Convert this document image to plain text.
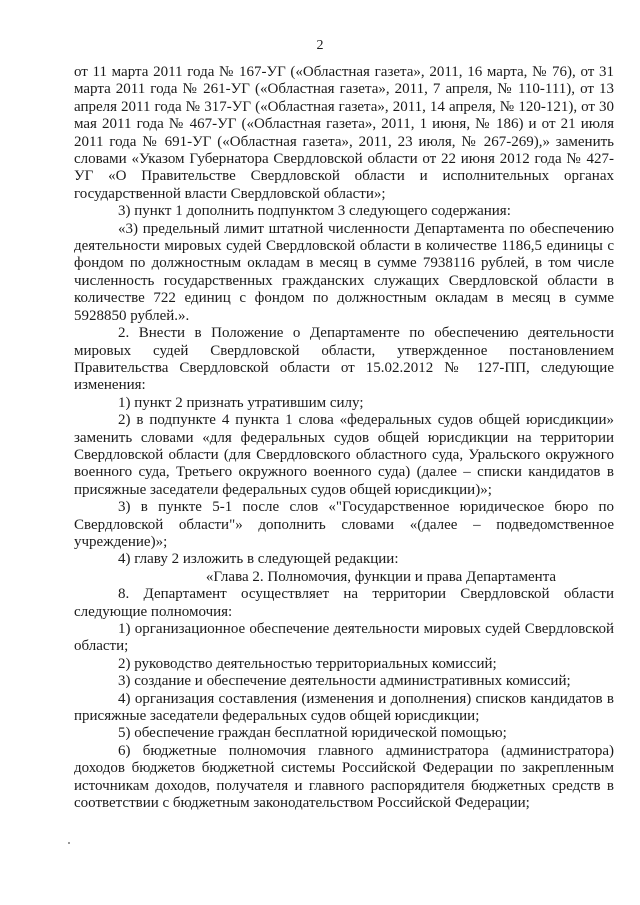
2

от 11 марта 2011 года № 167-УГ («Областная газета», 2011, 16 марта, № 76), от 31 марта 2011 года № 261-УГ («Областная газета», 2011, 7 апреля, № 110-111), от 13 апреля 2011 года № 317-УГ («Областная газета», 2011, 14 апреля, № 120-121), от 30 мая 2011 года № 467-УГ («Областная газета», 2011, 1 июня, № 186) и от 21 июля 2011 года № 691-УГ («Областная газета», 2011, 23 июля, № 267-269),» заменить словами «Указом Губернатора Свердловской области от 22 июня 2012 года № 427-УГ «О Правительстве Свердловской области и исполнительных органах государственной власти Свердловской области»;

3) пункт 1 дополнить подпунктом 3 следующего содержания:

«3) предельный лимит штатной численности Департамента по обеспечению деятельности мировых судей Свердловской области в количестве 1186,5 единицы с фондом по должностным окладам в месяц в сумме 7938116 рублей, в том числе численность государственных гражданских служащих Свердловской области в количестве 722 единиц с фондом по должностным окладам в месяц в сумме 5928850 рублей.».

2. Внести в Положение о Департаменте по обеспечению деятельности мировых судей Свердловской области, утвержденное постановлением Правительства Свердловской области от 15.02.2012 № 127-ПП, следующие изменения:

1) пункт 2 признать утратившим силу;

2) в подпункте 4 пункта 1 слова «федеральных судов общей юрисдикции» заменить словами «для федеральных судов общей юрисдикции на территории Свердловской области (для Свердловского областного суда, Уральского окружного военного суда, Третьего окружного военного суда) (далее – списки кандидатов в присяжные заседатели федеральных судов общей юрисдикции)»;

3) в пункте 5-1 после слов «"Государственное юридическое бюро по Свердловской области"» дополнить словами «(далее – подведомственное учреждение)»;

4) главу 2 изложить в следующей редакции:

«Глава 2. Полномочия, функции и права Департамента

8. Департамент осуществляет на территории Свердловской области следующие полномочия:

1) организационное обеспечение деятельности мировых судей Свердловской области;

2) руководство деятельностью территориальных комиссий;

3) создание и обеспечение деятельности административных комиссий;

4) организация составления (изменения и дополнения) списков кандидатов в присяжные заседатели федеральных судов общей юрисдикции;

5) обеспечение граждан бесплатной юридической помощью;

6) бюджетные полномочия главного администратора (администратора) доходов бюджетов бюджетной системы Российской Федерации по закрепленным источникам доходов, получателя и главного распорядителя бюджетных средств в соответствии с бюджетным законодательством Российской Федерации;
